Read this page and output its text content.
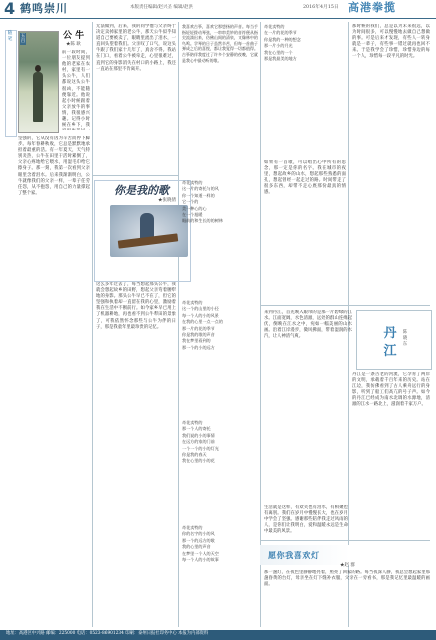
4 鹤鸣崇川	本版责任编辑/赵兴圣 编辑/赵洪	2016年4月15日 高港拳揽
随笔
五百
公 牛
★陈 耿
前一段时间，一位朋友提到他的老家在农村，家里有一头公牛，人们都说这头公牛很凶，不能随便靠近。他说起小时候跟着父亲放牛的事情，我很感兴趣。记得小时候在乡下，我
无法做到，后来，我的同学他与父亲终于决定卖掉家里的老公牛，那天公牛似乎知道自己要被卖了，眼睛里流出了泪水，一直回头望着我们。父亲叹了口气，说这头牛跟了我们家十几年了，真舍不得。我站在门口，看着公牛被牵走，心里很难过，直到它的身影消失在村口的小路上，我还一直站在那里不肯离开。
坚强的，它从没有因为辛苦而停下脚步。每年春耕秋收，它总是默默地承担着最重的活。有一年夏天，天气特别炎热，公牛在田里干活时累倒了，父亲心疼地给它喂水，用湿毛巾给它擦身子。那一刻，我第一次看到父亲眼里含着泪水。后来我渐渐明白，公牛就像我们的父亲一样，一辈子任劳任怨，从不抱怨，用自己的力量撑起了整个家。
这么多年过去了，每当想起那头公牛，我就会想起故乡的田野，想起父亲弯着腰犁地的身影。那头公牛早已不在了，但它的坚强和执着却一直留在我的心里，激励着我在生活中不断前行。如今家乡早已用上了机器耕地，再也看不到公牛犁田的景象了，可我依然怀念那些与公牛为伴的日子，那是我童年里最珍贵的记忆。
你是我的歌
★张晓倩
我喜欢古筝，喜欢它那悠扬的声音。每当手指轻轻拨动琴弦，一串串美妙的音符便从指尖流淌出来，仿佛山间的清泉，又像林中的鸟鸣。学琴的日子虽然辛苦，但每一首曲子弹成之后的喜悦，都让我觉得一切都值得。古筝陪伴我度过了许多个安静的夜晚，它就是我心中最动听的歌。
奇花卖特的
这一片的寄托与的风
你一个知道一样的
它一个的
美一种心的心
在一个旭暖
眼前的和生长的的树林
奇花卖特的
这一个的山里的小径
每一个人的小的风景
在我的心里一点一点的
那一片的花的季节
你是我的歌的声音
我在梦里看到的
那一个的小的远方
奇花卖特的
那一个人的寄托
我们说的小的事情
在远方的家的门前
一个一个的小的灯光
你是我的春天
我在心里的小的花
奇花卖特的
你的名字的小的风
那一个的远方的歌
我的心里的声音
在梦里一个人的天空
每一个人的小的故事
奇花卖特的
在一片的花的季节
你是我的一种的想念
那一片小的月光
我在心里的一个
那是我最美的地方
如果有一首歌，可以唱出心中所有的思念，那一定是你的名字。我在城市的夜里，想起故乡的山水，想起那些熟悉的面孔，想起曾经一起走过的路。时间带走了很多东西，却带不走心底那份最真的情感。
那时候的我们，总是以为未来很远，以为时间很多，可以慢慢地去做自己想做的事。可是后来才发现，有些人一转身就是一辈子，有些事一错过就再也回不来。于是我学会了珍惜，珍惜身边的每一个人，珍惜每一段平凡的时光。
丹江
陈晓东
来到丹江，首先映入眼帘的是那一片碧绿的江水。江面宽阔，水色清澈，远处的群山连绵起伏，倒映在江水之中，宛如一幅美丽的山水画。沿着江岸漫步，微风拂面，带着湿润的水汽，让人神清气爽。
丹江是一条古老的河流，它孕育了两岸的文明，承载着千百年来的历史。站在江边，我仿佛看到了古人乘舟远行的身影，听到了船工们高亢的号子声。如今的丹江已经成为南水北调的水源地，清澈的江水一路北上，滋润着千家万户。
愿你我喜欢灯
★赵 群
那一盏灯，在夜色里静静地亮着，照亮了回家的路。每当夜深人静，我总会想起家里那盏昏黄的台灯，母亲坐在灯下缝补衣服，父亲在一旁看书，那是我记忆里最温暖的画面。
生活就是这样，有欢笑也有泪水，有相聚也有离别。我们在岁月中慢慢长大，也在岁月中学会了坚强。感谢那些陪伴我走过风雨的人，是你们让我明白，爱和温暖永远是生命中最美的风景。
地址：高港区中兴路 邮编：225000 电话：0523-86901234 印刷：泰州日报社印务中心 本报为内部资料
